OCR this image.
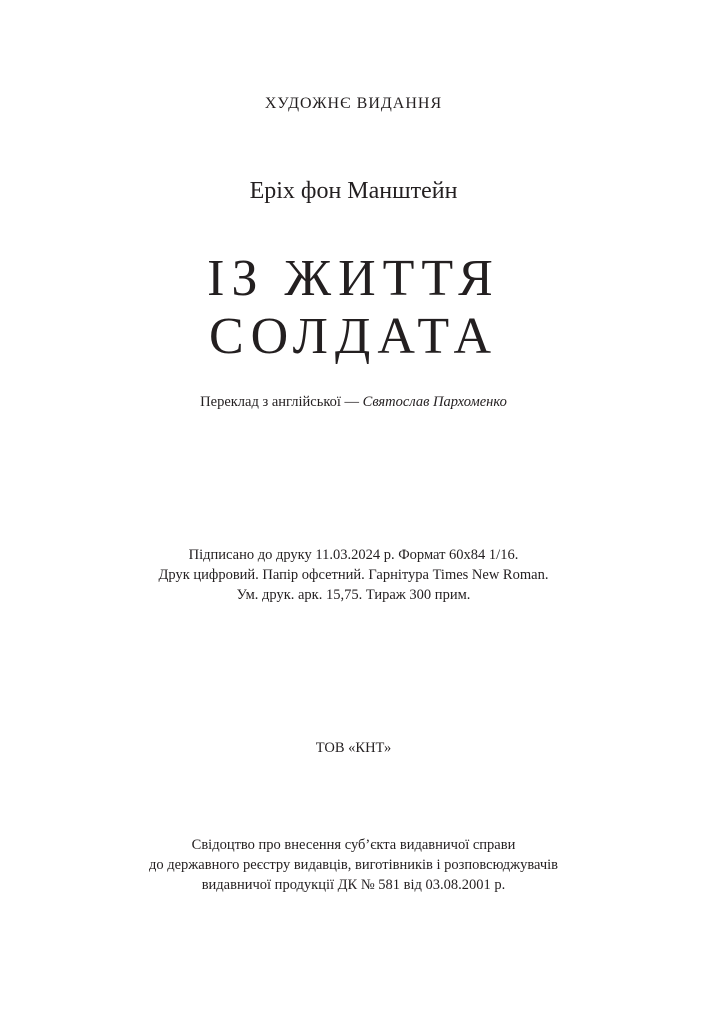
ХУДОЖНЄ ВИДАННЯ
Еріх фон Манштейн
ІЗ ЖИТТЯ
СОЛДАТА
Переклад з англійської — Святослав Пархоменко
Підписано до друку 11.03.2024 р. Формат 60х84 1/16.
Друк цифровий. Папір офсетний. Гарнітура Times New Roman.
Ум. друк. арк. 15,75. Тираж 300 прим.
ТОВ «КНТ»
Свідоцтво про внесення суб’єкта видавничої справи
до державного реєстру видавців, виготівників і розповсюджувачів
видавничої продукції ДК № 581 від 03.08.2001 р.
